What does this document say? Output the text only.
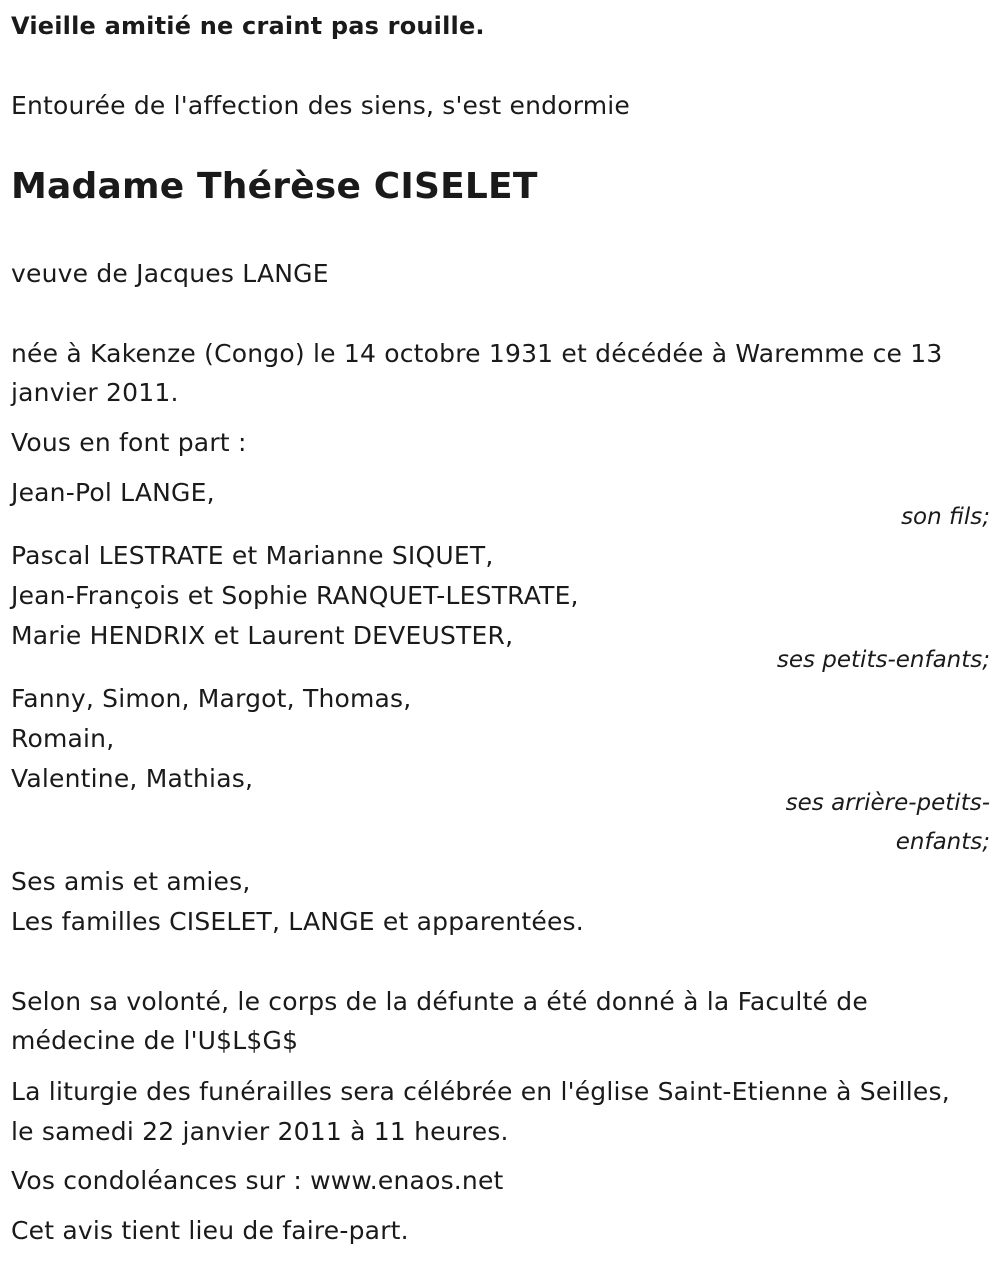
Vieille amitié ne craint pas rouille.
Entourée de l'affection des siens, s'est endormie
Madame Thérèse CISELET
veuve de Jacques LANGE
née à Kakenze (Congo) le 14 octobre 1931 et décédée à Waremme ce 13
janvier 2011.
Vous en font part :
Jean-Pol LANGE,
son fils;
Pascal LESTRATE et Marianne SIQUET,
Jean-François et Sophie RANQUET-LESTRATE,
Marie HENDRIX et Laurent DEVEUSTER,
ses petits-enfants;
Fanny, Simon, Margot, Thomas,
Romain,
Valentine, Mathias,
ses arrière-petits-
enfants;
Ses amis et amies,
Les familles CISELET, LANGE et apparentées.
Selon sa volonté, le corps de la défunte a été donné à la Faculté de
médecine de l'U$L$G$
La liturgie des funérailles sera célébrée en l'église Saint-Etienne à Seilles,
le samedi 22 janvier 2011 à 11 heures.
Vos condoléances sur : www.enaos.net
Cet avis tient lieu de faire-part.
